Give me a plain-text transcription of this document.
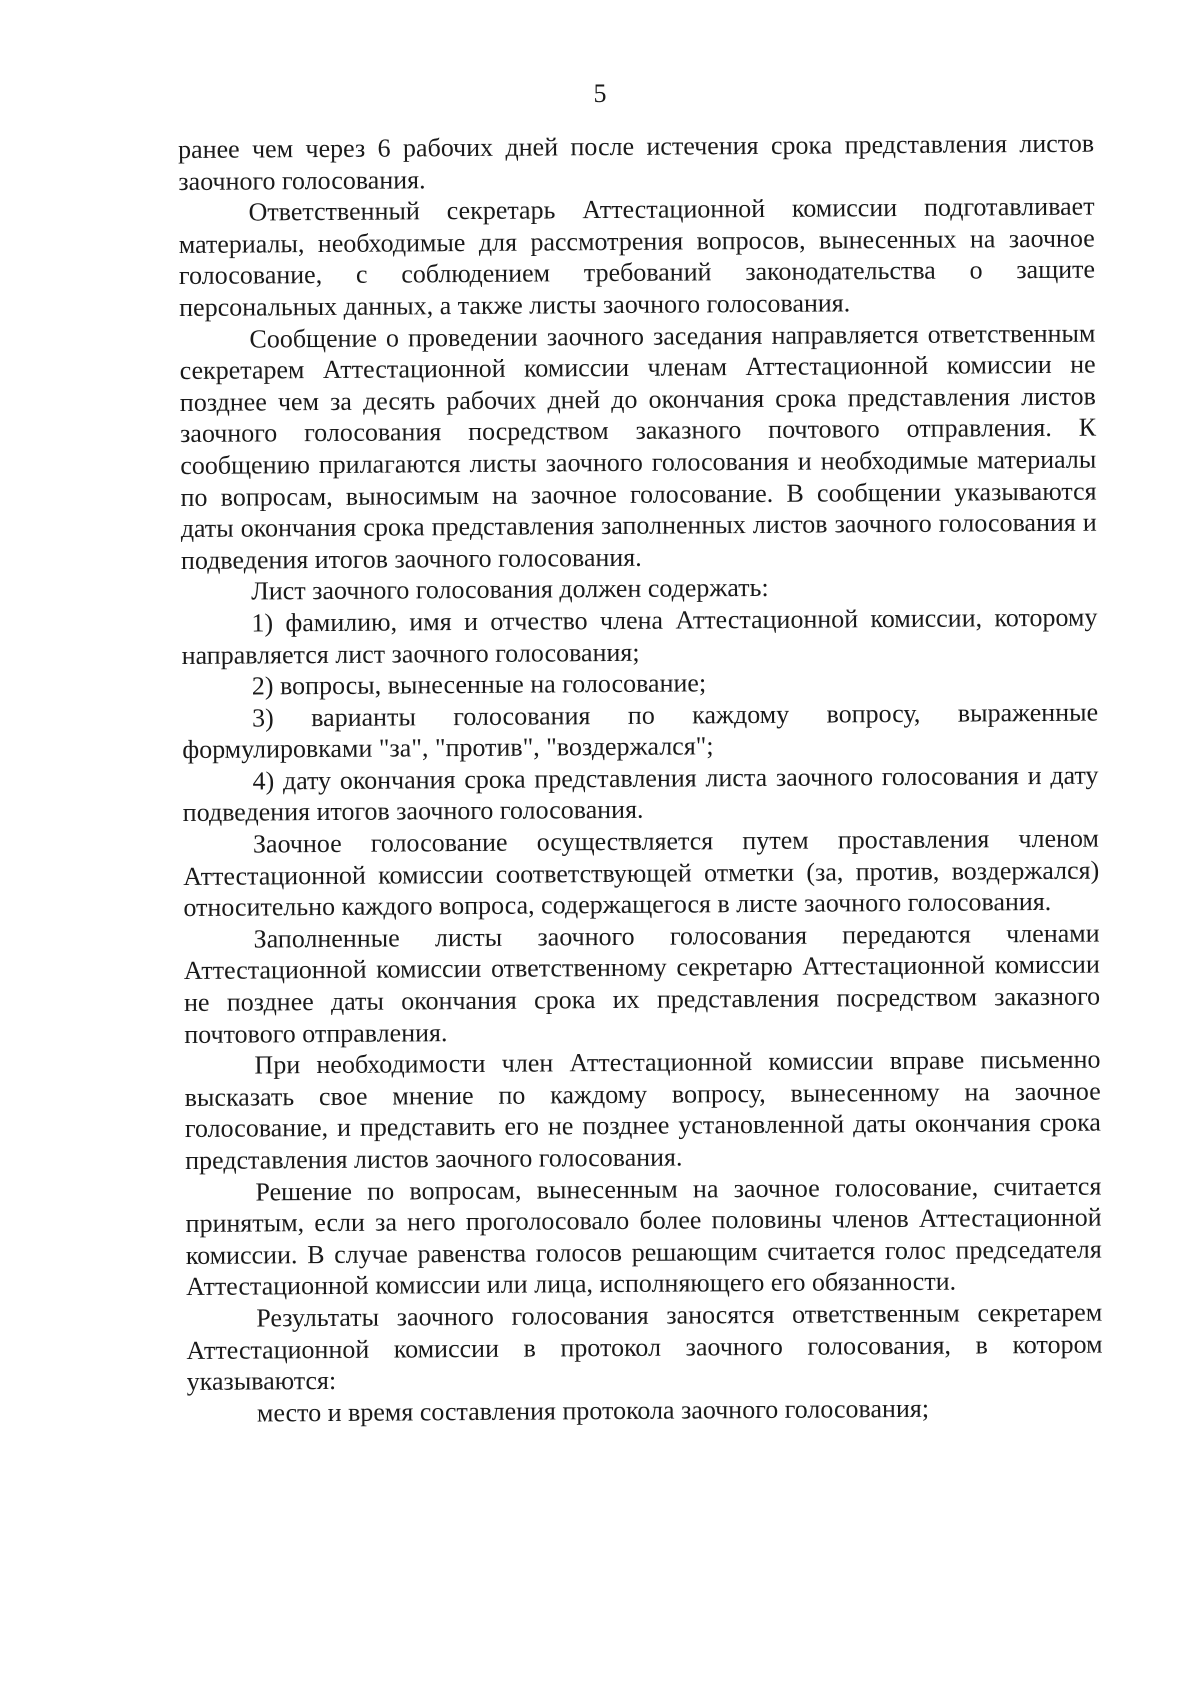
5

ранее чем через 6 рабочих дней после истечения срока представления листов заочного голосования.

Ответственный секретарь Аттестационной комиссии подготавливает материалы, необходимые для рассмотрения вопросов, вынесенных на заочное голосование, с соблюдением требований законодательства о защите персональных данных, а также листы заочного голосования.

Сообщение о проведении заочного заседания направляется ответственным секретарем Аттестационной комиссии членам Аттестационной комиссии не позднее чем за десять рабочих дней до окончания срока представления листов заочного голосования посредством заказного почтового отправления. К сообщению прилагаются листы заочного голосования и необходимые материалы по вопросам, выносимым на заочное голосование. В сообщении указываются даты окончания срока представления заполненных листов заочного голосования и подведения итогов заочного голосования.

Лист заочного голосования должен содержать:

1) фамилию, имя и отчество члена Аттестационной комиссии, которому направляется лист заочного голосования;

2) вопросы, вынесенные на голосование;

3) варианты голосования по каждому вопросу, выраженные формулировками "за", "против", "воздержался";

4) дату окончания срока представления листа заочного голосования и дату подведения итогов заочного голосования.

Заочное голосование осуществляется путем проставления членом Аттестационной комиссии соответствующей отметки (за, против, воздержался) относительно каждого вопроса, содержащегося в листе заочного голосования.

Заполненные листы заочного голосования передаются членами Аттестационной комиссии ответственному секретарю Аттестационной комиссии не позднее даты окончания срока их представления посредством заказного почтового отправления.

При необходимости член Аттестационной комиссии вправе письменно высказать свое мнение по каждому вопросу, вынесенному на заочное голосование, и представить его не позднее установленной даты окончания срока представления листов заочного голосования.

Решение по вопросам, вынесенным на заочное голосование, считается принятым, если за него проголосовало более половины членов Аттестационной комиссии. В случае равенства голосов решающим считается голос председателя Аттестационной комиссии или лица, исполняющего его обязанности.

Результаты заочного голосования заносятся ответственным секретарем Аттестационной комиссии в протокол заочного голосования, в котором указываются:

место и время составления протокола заочного голосования;
